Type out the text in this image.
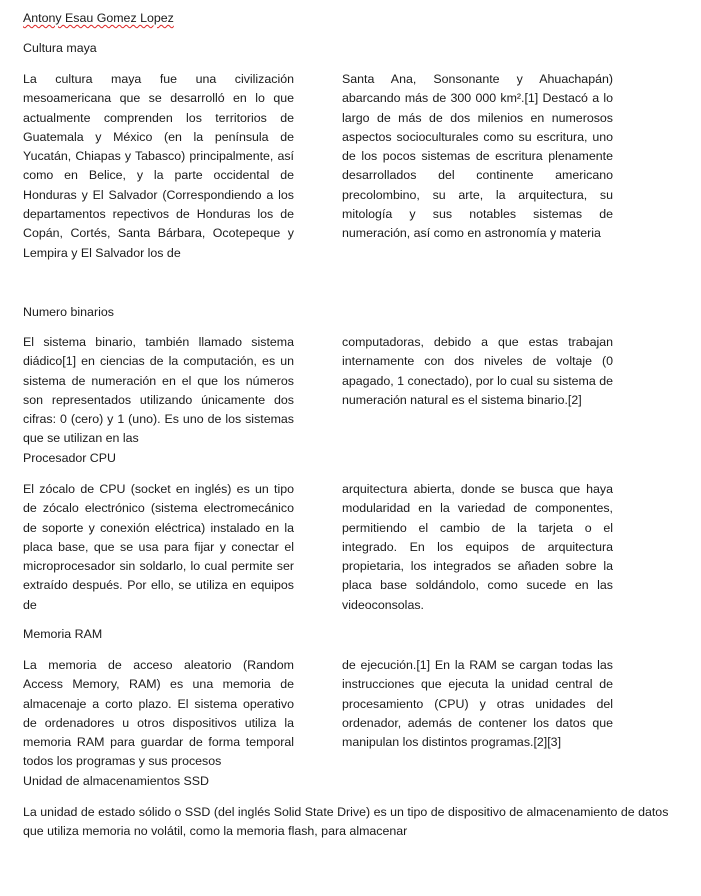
Antony Esau Gomez Lopez
Cultura maya
La cultura maya fue una civilización mesoamericana que se desarrolló en lo que actualmente comprenden los territorios de Guatemala y México (en la península de Yucatán, Chiapas y Tabasco) principalmente, así como en Belice, y la parte occidental de Honduras y El Salvador (Correspondiendo a los departamentos repectivos de Honduras los de Copán, Cortés, Santa Bárbara, Ocotepeque y Lempira y El Salvador los de
Santa Ana, Sonsonante y Ahuachapán) abarcando más de 300 000 km².[1] Destacó a lo largo de más de dos milenios en numerosos aspectos socioculturales como su escritura, uno de los pocos sistemas de escritura plenamente desarrollados del continente americano precolombino, su arte, la arquitectura, su mitología y sus notables sistemas de numeración, así como en astronomía y materia
Numero binarios

El sistema binario, también llamado sistema diádico[1] en ciencias de la computación, es un sistema de numeración en el que los números son representados utilizando únicamente dos cifras: 0 (cero) y 1 (uno). Es uno de los sistemas que se utilizan en las

Procesador CPU

computadoras, debido a que estas trabajan internamente con dos niveles de voltaje (0 apagado, 1 conectado), por lo cual su sistema de numeración natural es el sistema binario.[2]
El zócalo de CPU (socket en inglés) es un tipo de zócalo electrónico (sistema electromecánico de soporte y conexión eléctrica) instalado en la placa base, que se usa para fijar y conectar el microprocesador sin soldarlo, lo cual permite ser extraído después. Por ello, se utiliza en equipos de
arquitectura abierta, donde se busca que haya modularidad en la variedad de componentes, permitiendo el cambio de la tarjeta o el integrado. En los equipos de arquitectura propietaria, los integrados se añaden sobre la placa base soldándolo, como sucede en las videoconsolas.
Memoria RAM

La memoria de acceso aleatorio (Random Access Memory, RAM) es una memoria de almacenaje a corto plazo. El sistema operativo de ordenadores u otros dispositivos utiliza la memoria RAM para guardar de forma temporal todos los programas y sus procesos

Unidad de almacenamientos SSD

de ejecución.[1] En la RAM se cargan todas las instrucciones que ejecuta la unidad central de procesamiento (CPU) y otras unidades del ordenador, además de contener los datos que manipulan los distintos programas.[2][3]
La unidad de estado sólido o SSD (del inglés Solid State Drive) es un tipo de dispositivo de almacenamiento de datos que utiliza memoria no volátil, como la memoria flash, para almacenar
